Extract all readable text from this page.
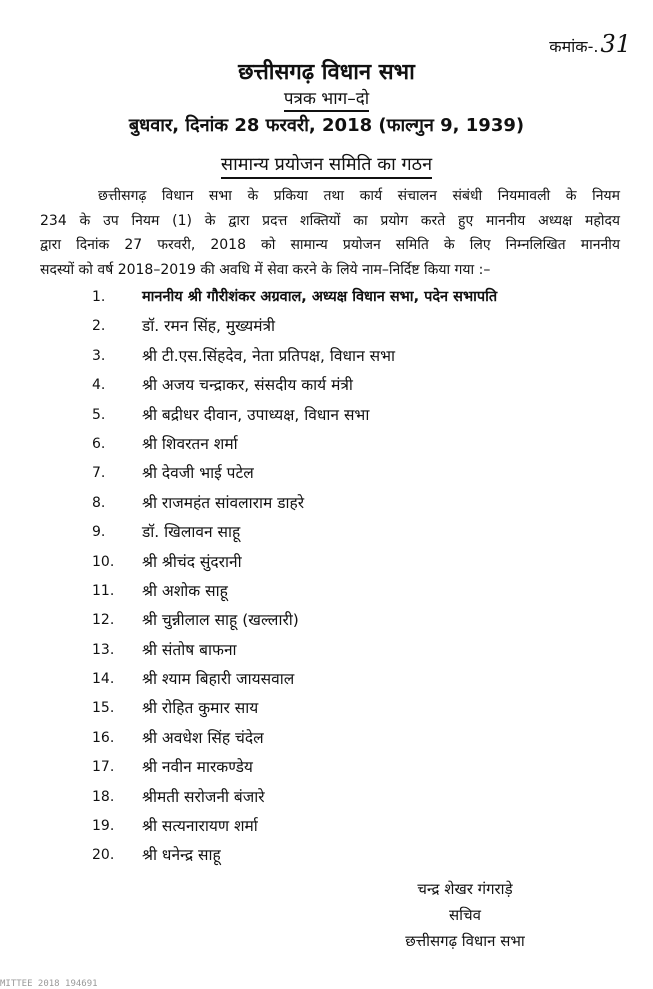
कमांक-.31
छत्तीसगढ़ विधान सभा
पत्रक भाग–दो
बुधवार, दिनांक 28 फरवरी, 2018 (फाल्गुन 9, 1939)
सामान्य प्रयोजन समिति का गठन
छत्तीसगढ़ विधान सभा के प्रकिया तथा कार्य संचालन संबंधी नियमावली के नियम
234 के उप नियम (1) के द्वारा प्रदत्त शक्तियों का प्रयोग करते हुए माननीय अध्यक्ष महोदय
द्वारा दिनांक 27 फरवरी, 2018 को सामान्य प्रयोजन समिति के लिए निम्नलिखित माननीय
सदस्यों को वर्ष 2018–2019 की अवधि में सेवा करने के लिये नाम–निर्दिष्ट किया गया :–
1.	माननीय श्री गौरीशंकर अग्रवाल, अध्यक्ष विधान सभा, पदेन सभापति
2.	डॉ. रमन सिंह, मुख्यमंत्री
3.	श्री टी.एस.सिंहदेव, नेता प्रतिपक्ष, विधान सभा
4.	श्री अजय चन्द्राकर, संसदीय कार्य मंत्री
5.	श्री बद्रीधर दीवान, उपाध्यक्ष, विधान सभा
6.	श्री शिवरतन शर्मा
7.	श्री देवजी भाई पटेल
8.	श्री राजमहंत सांवलाराम डाहरे
9.	डॉ. खिलावन साहू
10.	श्री श्रीचंद सुंदरानी
11.	श्री अशोक साहू
12.	श्री चुन्नीलाल साहू (खल्लारी)
13.	श्री संतोष बाफना
14.	श्री श्याम बिहारी जायसवाल
15.	श्री रोहित कुमार साय
16.	श्री अवधेश सिंह चंदेल
17.	श्री नवीन मारकण्डेय
18.	श्रीमती सरोजनी बंजारे
19.	श्री सत्यनारायण शर्मा
20.	श्री धनेन्द्र साहू
चन्द्र शेखर गंगराड़े
सचिव
छत्तीसगढ़ विधान सभा
MITTEE 2018 194691
